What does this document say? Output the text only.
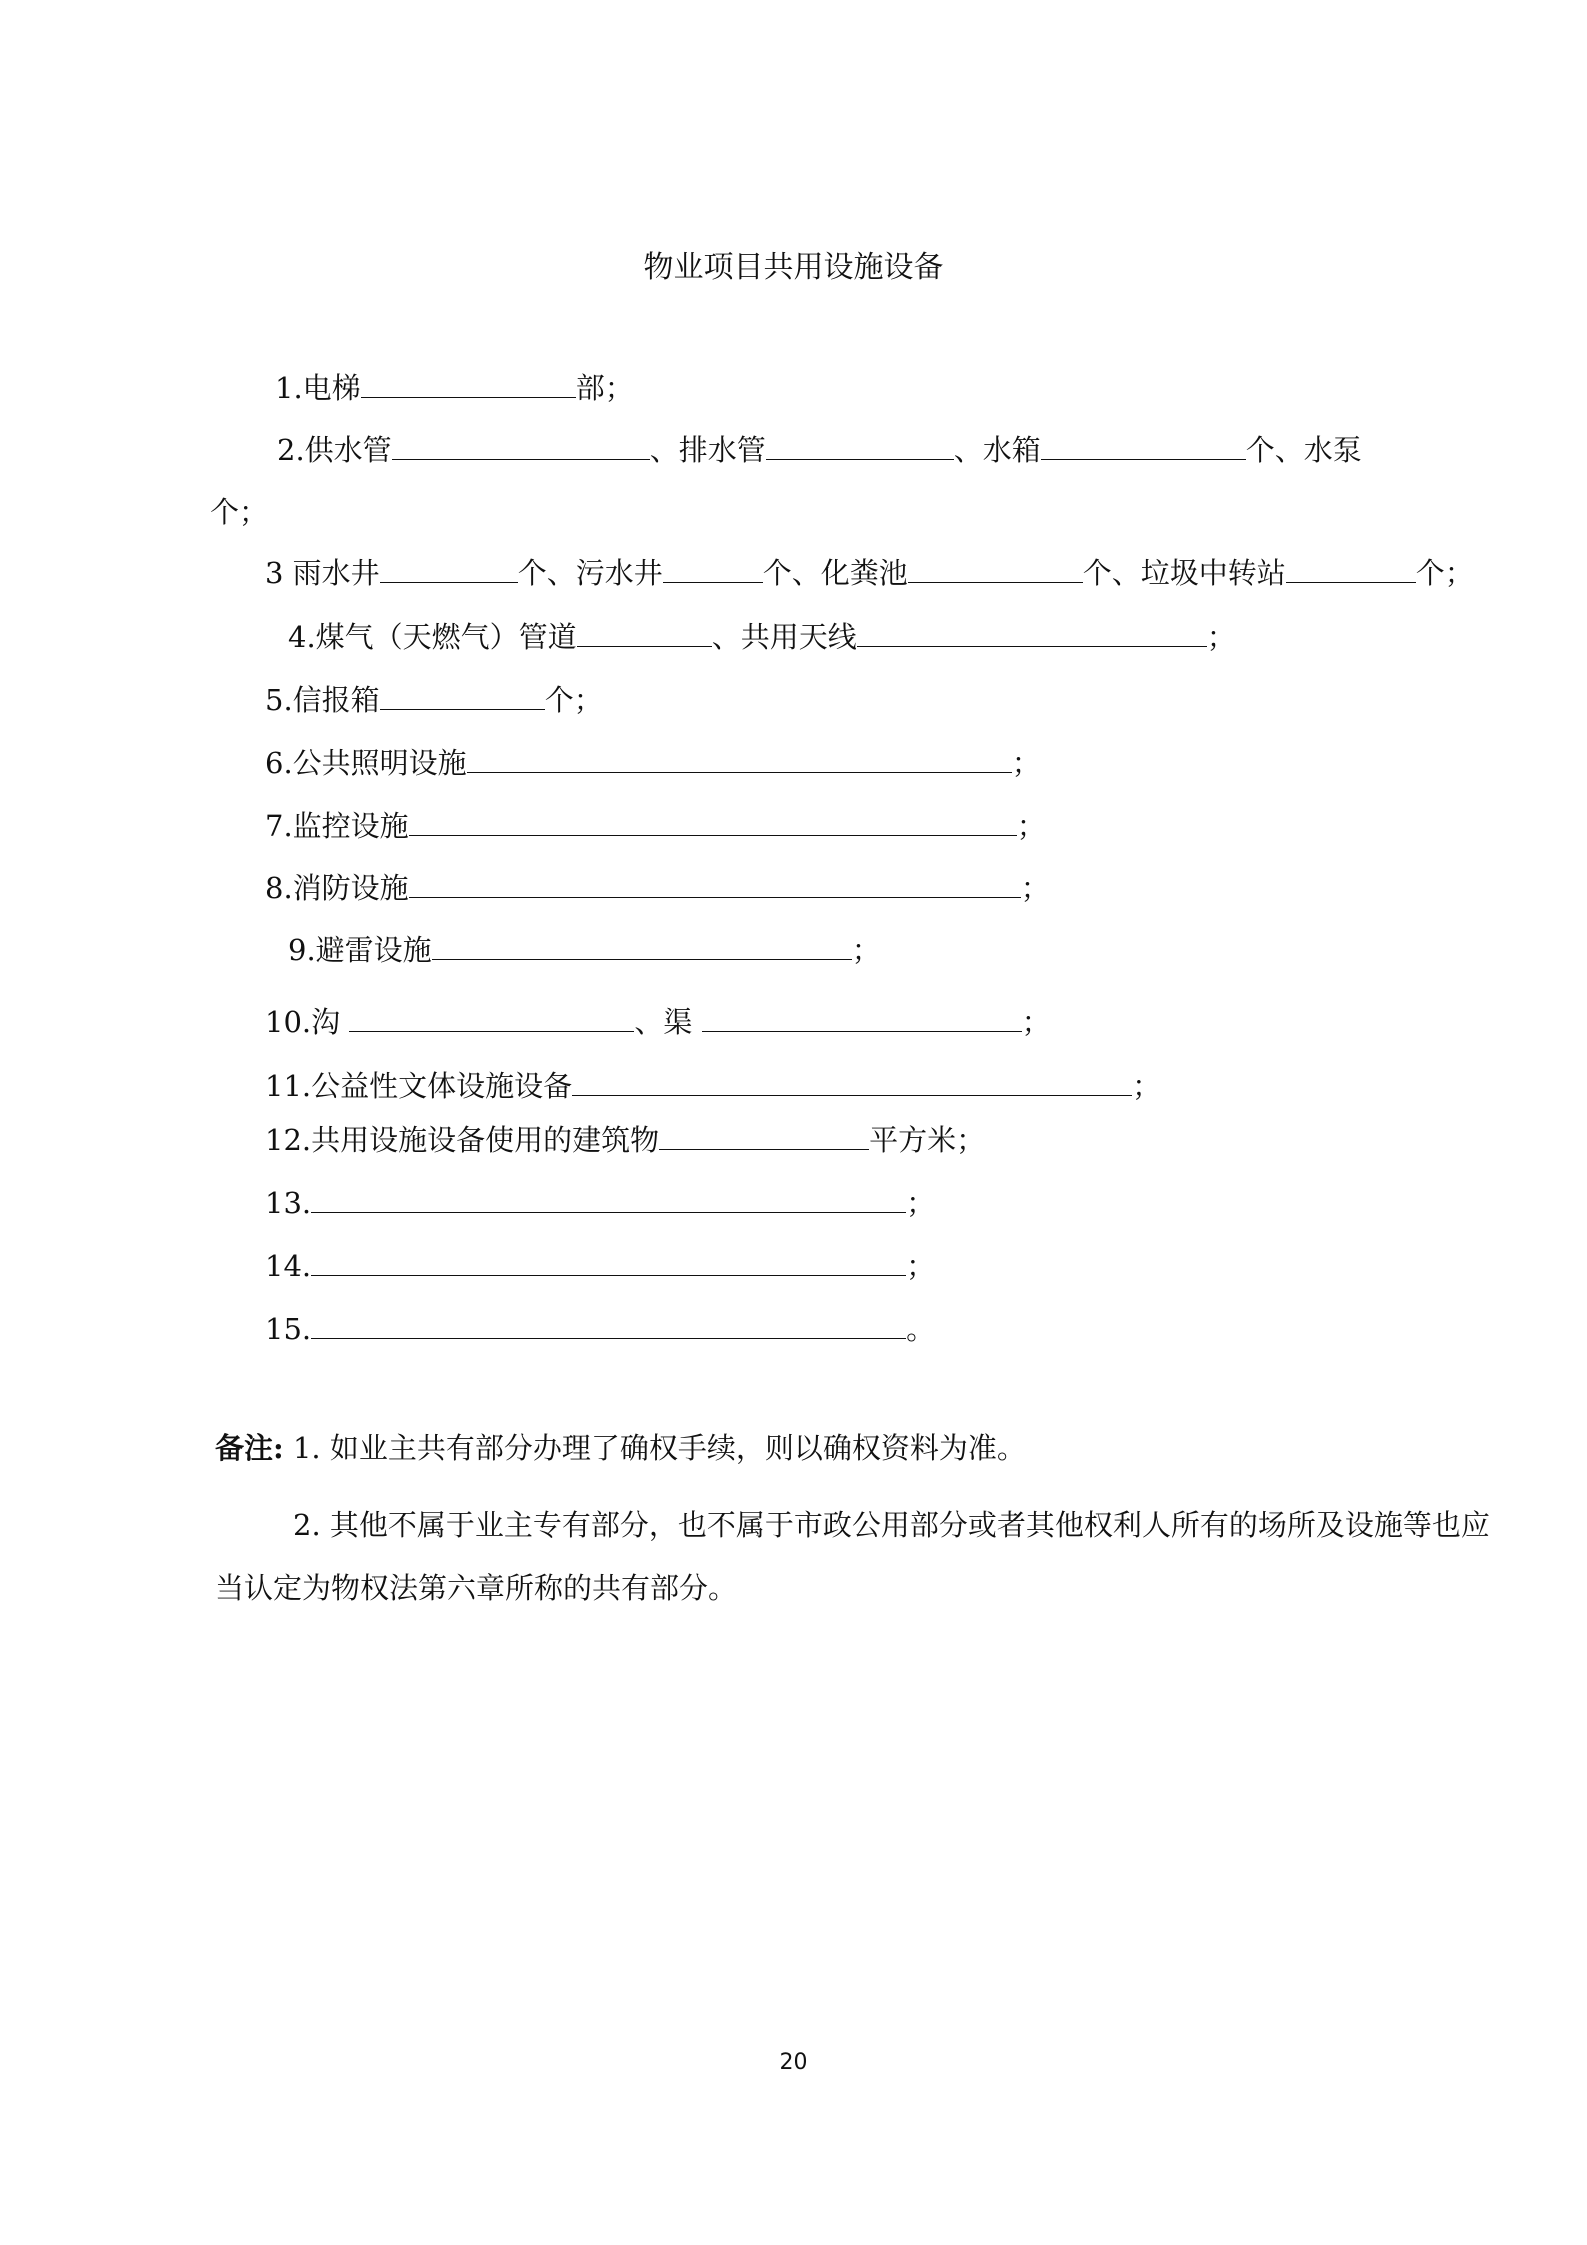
物业项目共用设施设备
1.电梯	部；
2.供水管	、排水管	、水箱	个、水泵
个；
3 雨水井	个、污水井	个、化粪池	个、垃圾中转站	个；
4.煤气（天燃气）管道	、共用天线	；
5.信报箱	个；
6.公共照明设施	；
7.监控设施	；
8.消防设施	；
9.避雷设施	；
10.沟	、渠	；
11.公益性文体设施设备	；
12.共用设施设备使用的建筑物	平方米；
13.	；
14.	；
15.	。
备注: 1. 如业主共有部分办理了确权手续，则以确权资料为准。
2. 其他不属于业主专有部分，也不属于市政公用部分或者其他权利人所有的场所及设施等也应
当认定为物权法第六章所称的共有部分。
20
